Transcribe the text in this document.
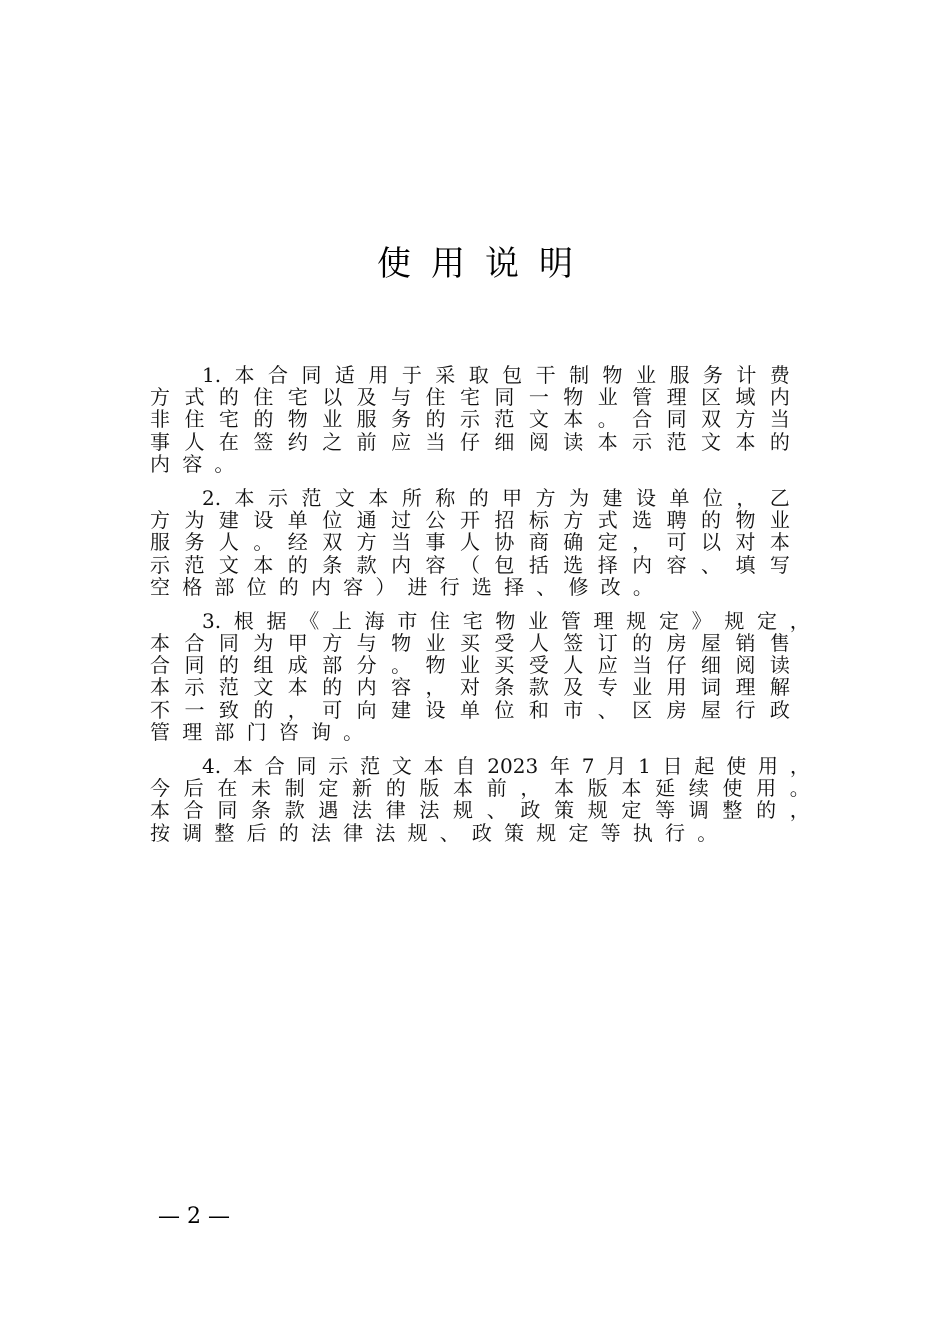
使用说明
1. 本 合 同 适 用 于 采 取 包 干 制 物 业 服 务 计 费
方 式 的 住 宅 以 及 与 住 宅 同 一 物 业 管 理 区 域 内
非 住 宅 的 物 业 服 务 的 示 范 文 本 。 合 同 双 方 当
事 人 在 签 约 之 前 应 当 仔 细 阅 读 本 示 范 文 本 的
内 容 。
2. 本 示 范 文 本 所 称 的 甲 方 为 建 设 单 位 ， 乙
方 为 建 设 单 位 通 过 公 开 招 标 方 式 选 聘 的 物 业
服 务 人 。 经 双 方 当 事 人 协 商 确 定 ， 可 以 对 本
示 范 文 本 的 条 款 内 容 （ 包 括 选 择 内 容 、 填 写
空 格 部 位 的 内 容 ） 进 行 选 择 、 修 改 。
3. 根 据 《 上 海 市 住 宅 物 业 管 理 规 定 》 规 定 ，
本 合 同 为 甲 方 与 物 业 买 受 人 签 订 的 房 屋 销 售
合 同 的 组 成 部 分 。 物 业 买 受 人 应 当 仔 细 阅 读
本 示 范 文 本 的 内 容 ， 对 条 款 及 专 业 用 词 理 解
不 一 致 的 ， 可 向 建 设 单 位 和 市 、 区 房 屋 行 政
管 理 部 门 咨 询 。
4. 本 合 同 示 范 文 本 自 2023 年 7 月 1 日 起 使 用 ，
今 后 在 未 制 定 新 的 版 本 前 ， 本 版 本 延 续 使 用 。
本 合 同 条 款 遇 法 律 法 规 、 政 策 规 定 等 调 整 的 ，
按 调 整 后 的 法 律 法 规 、 政 策 规 定 等 执 行 。
— 2 —
